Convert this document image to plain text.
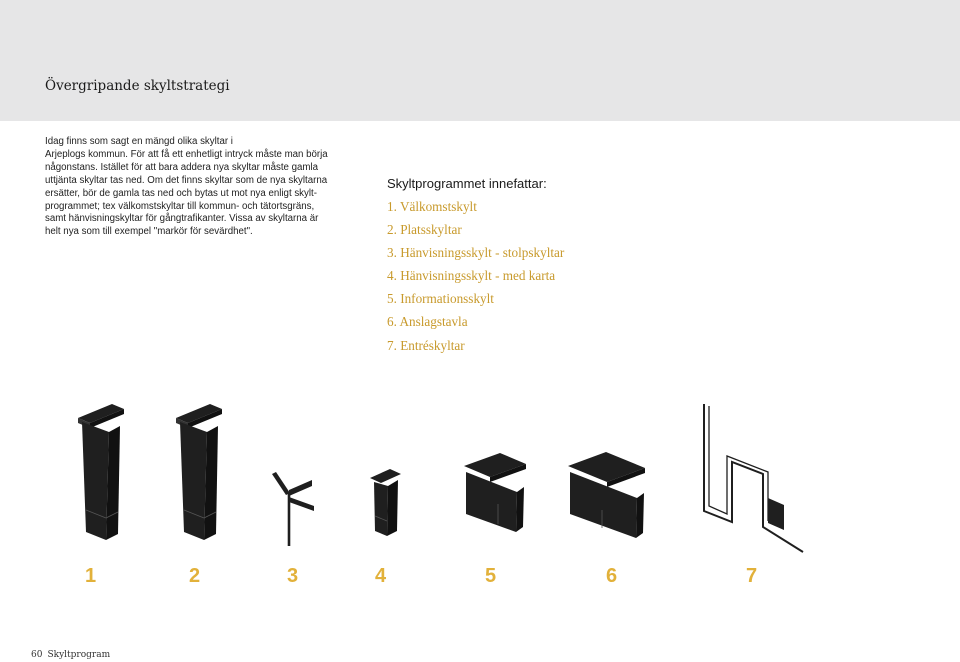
Övergripande skyltstrategi

Idag finns som sagt en mängd olika skyltar i

Arjeplogs kommun. För att få ett enhetligt intryck måste man börja

någonstans. Istället för att bara addera nya skyltar måste gamla

uttjänta skyltar tas ned. Om det finns skyltar som de nya skyltarna

ersätter, bör de gamla tas ned och bytas ut mot nya enligt skylt-

programmet; tex välkomstskyltar till kommun- och tätortsgräns,

samt hänvisningskyltar för gångtrafikanter. Vissa av skyltarna är

helt nya som till exempel "markör för sevärdhet".

Skyltprogrammet innefattar:
1. Välkomstskylt
2. Platsskyltar
3. Hänvisningsskylt - stolpskyltar
4. Hänvisningsskylt - med karta
5. Informationsskylt
6. Anslagstavla
7. Entréskyltar
1	2	3	4	5	6	7
60 Skyltprogram
